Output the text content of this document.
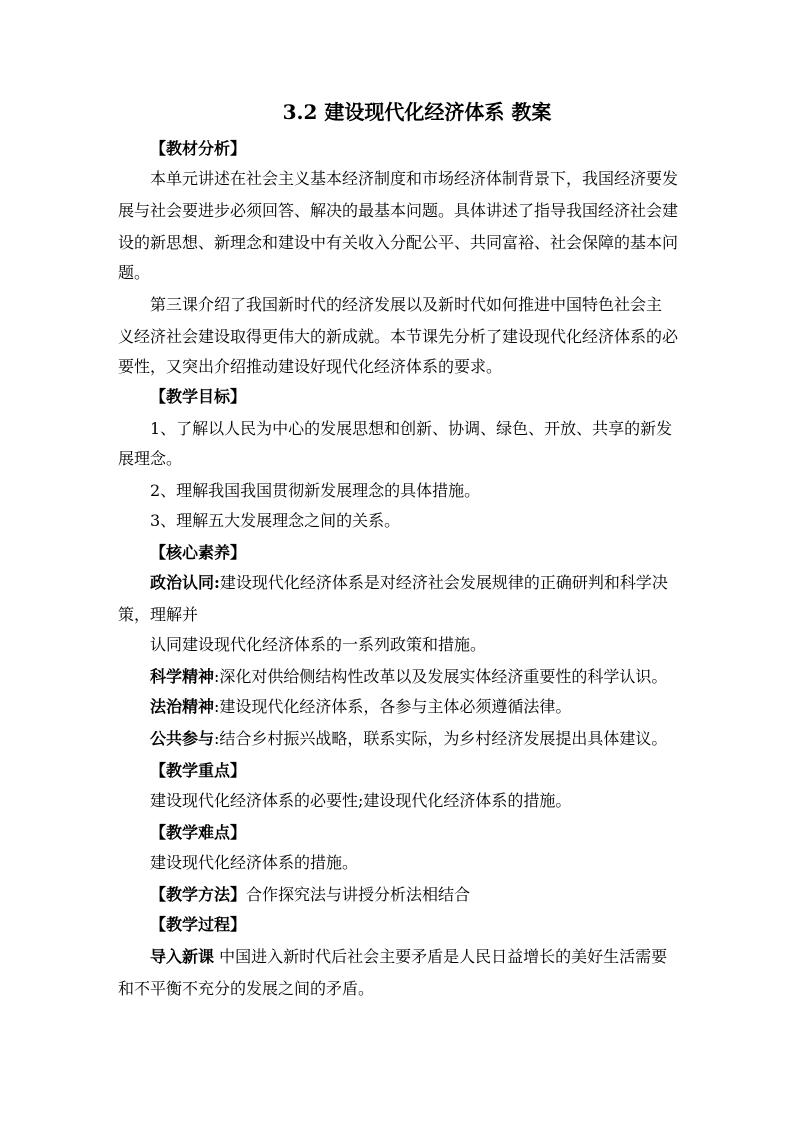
3.2 建设现代化经济体系 教案
【教材分析】
本单元讲述在社会主义基本经济制度和市场经济体制背景下，我国经济要发
展与社会要进步必须回答、解决的最基本问题。具体讲述了指导我国经济社会建
设的新思想、新理念和建设中有关收入分配公平、共同富裕、社会保障的基本问
题。
第三课介绍了我国新时代的经济发展以及新时代如何推进中国特色社会主
义经济社会建设取得更伟大的新成就。本节课先分析了建设现代化经济体系的必
要性，又突出介绍推动建设好现代化经济体系的要求。
【教学目标】
1、了解以人民为中心的发展思想和创新、协调、绿色、开放、共享的新发
展理念。
2、理解我国我国贯彻新发展理念的具体措施。
3、理解五大发展理念之间的关系。
【核心素养】
政治认同:建设现代化经济体系是对经济社会发展规律的正确研判和科学决
策，理解并
认同建设现代化经济体系的一系列政策和措施。
科学精神:深化对供给侧结构性改革以及发展实体经济重要性的科学认识。
法治精神:建设现代化经济体系，各参与主体必须遵循法律。
公共参与:结合乡村振兴战略，联系实际，为乡村经济发展提出具体建议。
【教学重点】
建设现代化经济体系的必要性;建设现代化经济体系的措施。
【教学难点】
建设现代化经济体系的措施。
【教学方法】合作探究法与讲授分析法相结合
【教学过程】
导入新课 中国进入新时代后社会主要矛盾是人民日益增长的美好生活需要
和不平衡不充分的发展之间的矛盾。
